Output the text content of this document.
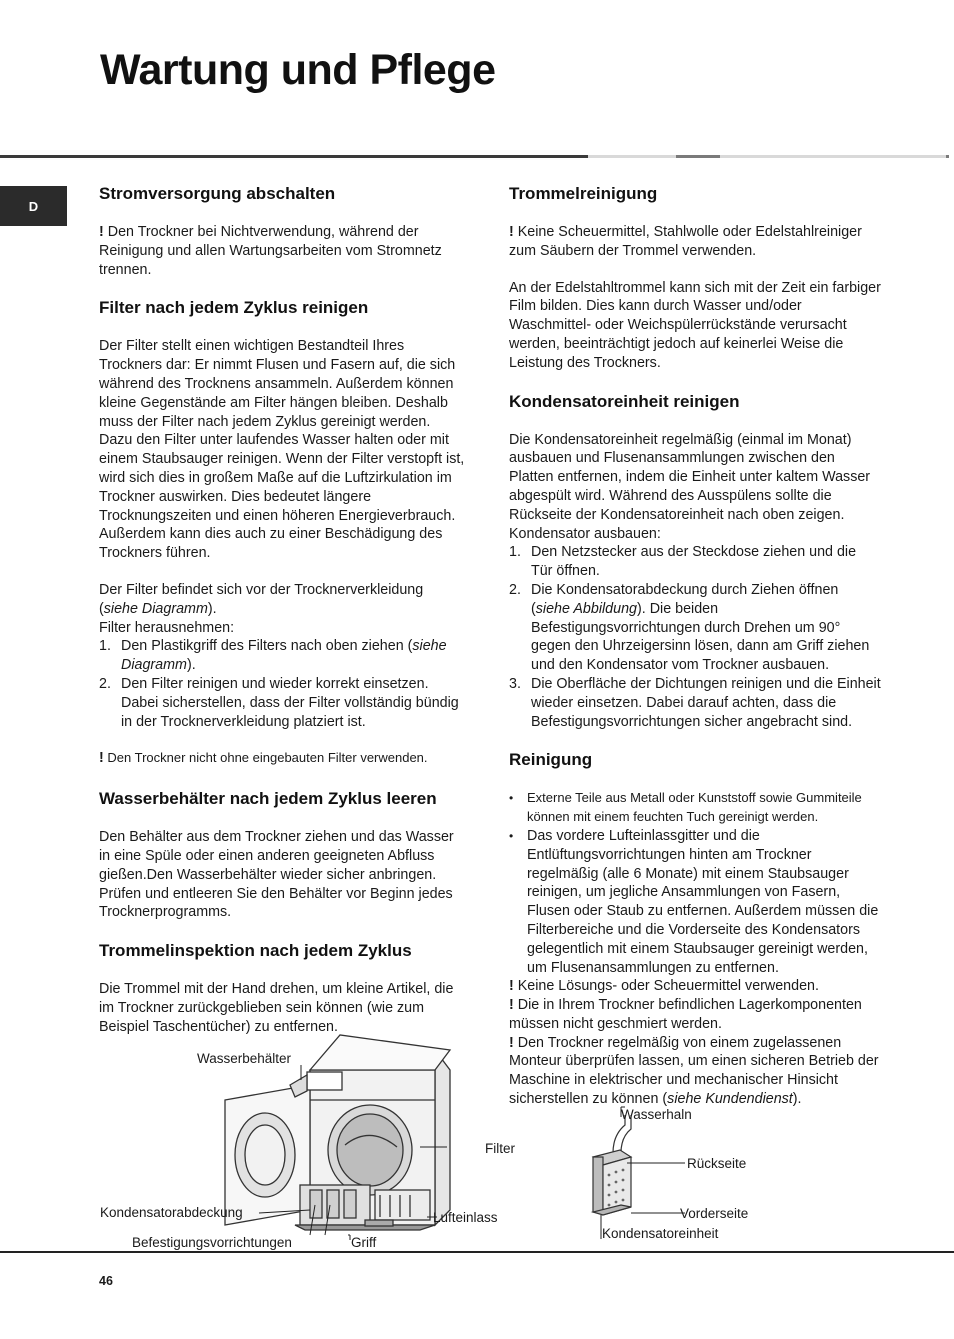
Wartung und Pflege
D
Stromversorgung abschalten

! Den Trockner bei Nichtverwendung, während der Reinigung und allen Wartungsarbeiten vom Stromnetz trennen.

Filter nach jedem Zyklus reinigen

Der Filter stellt einen wichtigen Bestandteil Ihres Trockners dar: Er nimmt Flusen und Fasern auf, die sich während des Trocknens ansammeln. Außerdem können kleine Gegenstände am Filter hängen bleiben. Deshalb muss der Filter nach jedem Zyklus gereinigt werden. Dazu den Filter unter laufendes Wasser halten oder mit einem Staubsauger reinigen. Wenn der Filter verstopft ist, wird sich dies in großem Maße auf die Luftzirkulation im Trockner auswirken. Dies bedeutet längere Trocknungszeiten und einen höheren Energieverbrauch. Außerdem kann dies auch zu einer Beschädigung des Trockners führen.

Der Filter befindet sich vor der Trocknerverkleidung
(siehe Diagramm).

Filter herausnehmen:

1. Den Plastikgriff des Filters nach oben ziehen (siehe Diagramm).
2. Den Filter reinigen und wieder korrekt einsetzen. Dabei sicherstellen, dass der Filter vollständig bündig in der Trocknerverkleidung platziert ist.

! Den Trockner nicht ohne eingebauten Filter verwenden.

Wasserbehälter nach jedem Zyklus leeren

Den Behälter aus dem Trockner ziehen und das Wasser in eine Spüle oder einen anderen geeigneten Abfluss gießen.Den Wasserbehälter wieder sicher anbringen. Prüfen und entleeren Sie den Behälter vor Beginn jedes Trocknerprogramms.

Trommelinspektion nach jedem Zyklus

Die Trommel mit der Hand drehen, um kleine Artikel, die im Trockner zurückgeblieben sein können (wie zum Beispiel Taschentücher) zu entfernen.

Trommelreinigung

! Keine Scheuermittel, Stahlwolle oder Edelstahlreiniger zum Säubern der Trommel verwenden.

An der Edelstahltrommel kann sich mit der Zeit ein farbiger Film bilden. Dies kann durch Wasser und/oder Waschmittel- oder Weichspülerrückstände verursacht werden, beeinträchtigt jedoch auf keinerlei Weise die Leistung des Trockners.

Kondensatoreinheit reinigen

Die Kondensatoreinheit regelmäßig (einmal im Monat) ausbauen und Flusenansammlungen zwischen den Platten entfernen, indem die Einheit unter kaltem Wasser abgespült wird. Während des Ausspülens sollte die Rückseite der Kondensatoreinheit nach oben zeigen.

Kondensator ausbauen:

1. Den Netzstecker aus der Steckdose ziehen und die Tür öffnen.
2. Die Kondensatorabdeckung durch Ziehen öffnen (siehe Abbildung). Die beiden Befestigungsvorrichtungen durch Drehen um 90° gegen den Uhrzeigersinn lösen, dann am Griff ziehen und den Kondensator vom Trockner ausbauen.
3. Die Oberfläche der Dichtungen reinigen und die Einheit wieder einsetzen. Dabei darauf achten, dass die Befestigungsvorrichtungen sicher angebracht sind.
Reinigung
•	Externe Teile aus Metall oder Kunststoff sowie Gummiteile können mit einem feuchten Tuch gereinigt werden.
• Das vordere Lufteinlassgitter und die Entlüftungsvorrichtungen hinten am Trockner regelmäßig (alle 6 Monate) mit einem Staubsauger reinigen, um jegliche Ansammlungen von Fasern, Flusen oder Staub zu entfernen. Außerdem müssen die Filterbereiche und die Vorderseite des Kondensators gelegentlich mit einem Staubsauger gereinigt werden, um Flusenansammlungen zu entfernen.

! Keine Lösungs- oder Scheuermittel verwenden.

! Die in Ihrem Trockner befindlichen Lagerkomponenten müssen nicht geschmiert werden.

! Den Trockner regelmäßig von einem zugelassenen Monteur überprüfen lassen, um einen sicheren Betrieb der Maschine in elektrischer und mechanischer Hinsicht sicherstellen zu können (siehe Kundendienst).

Wasserbehälter
Filter
Kondensatorabdeckung	Lufteinlass
Befestigungsvorrichtungen	Griff
Wasserhaln
Rückseite
Vorderseite
Kondensatoreinheit
46
